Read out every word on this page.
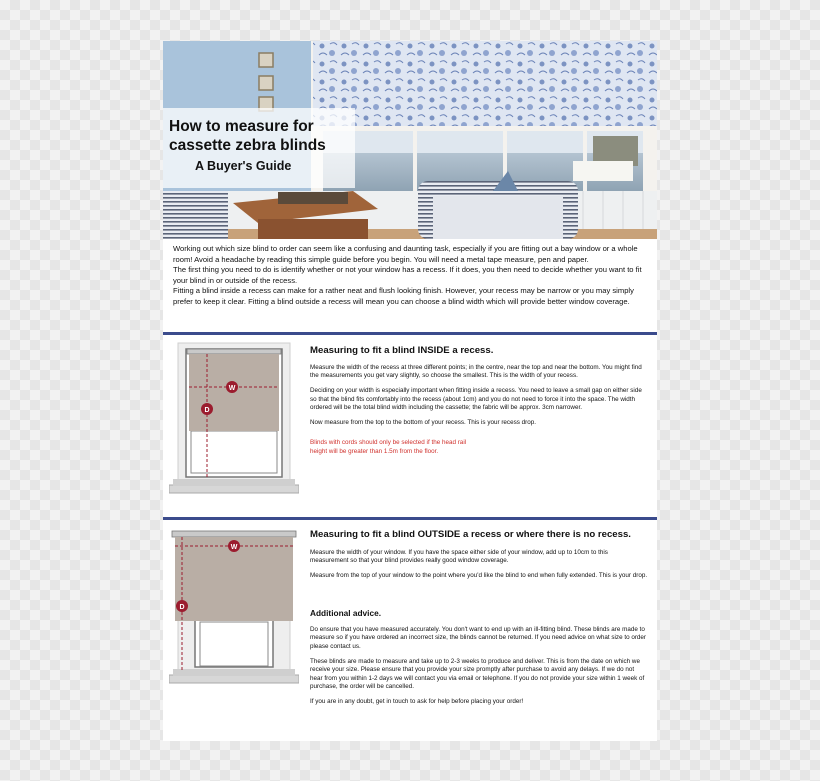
How to measure for
cassette zebra blinds
A Buyer's Guide

Working out which size blind to order can seem like a confusing and daunting task, especially if you are fitting out a bay window or a whole room! Avoid a headache by reading this simple guide before you begin. You will need a metal tape measure, pen and paper.

The first thing you need to do is identify whether or not your window has a recess. If it does, you then need to decide whether you want to fit your blind in or outside of the recess.

Fitting a blind inside a recess can make for a rather neat and flush looking finish. However, your recess may be narrow or you may simply prefer to keep it clear. Fitting a blind outside a recess will mean you can choose a blind width which will provide better window coverage.

W
D
Measuring to fit a blind INSIDE a recess.

Measure the width of the recess at three different points; in the centre, near the top and near the bottom. You might find the measurements you get vary slightly, so choose the smallest. This is the width of your recess.

Deciding on your width is especially important when fitting inside a recess. You need to leave a small gap on either side so that the blind fits comfortably into the recess (about 1cm) and you do not need to force it into the space. The width ordered will be the total blind width including the cassette; the fabric will be approx. 3cm narrower.

Now measure from the top to the bottom of your recess. This is your recess drop.

Blinds with cords should only be selected if the head rail height will be greater than 1.5m from the floor.

W
D
Measuring to fit a blind OUTSIDE a recess or where there is no recess.

Measure the width of your window. If you have the space either side of your window, add up to 10cm to this measurement so that your blind provides really good window coverage.

Measure from the top of your window to the point where you'd like the blind to end when fully extended. This is your drop.

Additional advice.

Do ensure that you have measured accurately. You don't want to end up with an ill-fitting blind. These blinds are made to measure so if you have ordered an incorrect size, the blinds cannot be returned. If you need advice on what size to order please contact us.

These blinds are made to measure and take up to 2-3 weeks to produce and deliver. This is from the date on which we receive your size. Please ensure that you provide your size promptly after purchase to avoid any delays. If we do not hear from you within 1-2 days we will contact you via email or telephone. If you do not provide your size within 1 week of purchase, the order will be cancelled.

If you are in any doubt, get in touch to ask for help before placing your order!
